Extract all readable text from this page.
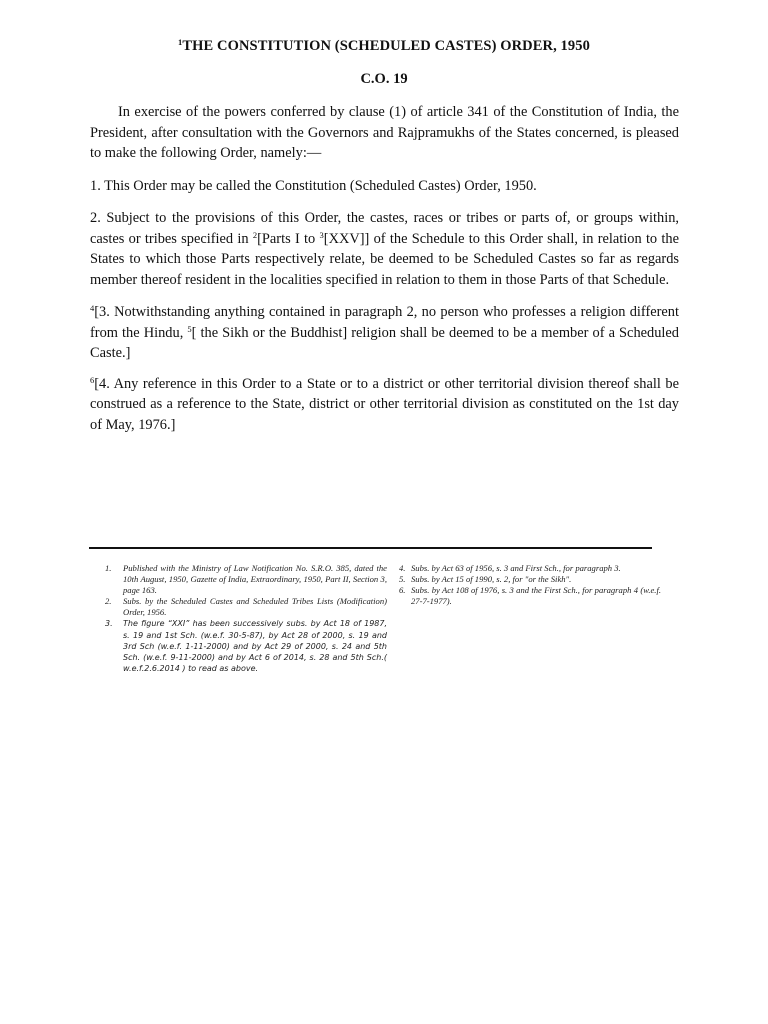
$^1$THE CONSTITUTION (SCHEDULED CASTES) ORDER, 1950
C.O. 19

In exercise of the powers conferred by clause (1) of article 341 of the Constitution of India, the President, after consultation with the Governors and Rajpramukhs of the States concerned, is pleased to make the following Order, namely:—

1. This Order may be called the Constitution (Scheduled Castes) Order, 1950.

2. Subject to the provisions of this Order, the castes, races or tribes or parts of, or groups within, castes or tribes specified in $^2$[Parts I to $^3$[XXV]] of the Schedule to this Order shall, in relation to the States to which those Parts respectively relate, be deemed to be Scheduled Castes so far as regards member thereof resident in the localities specified in relation to them in those Parts of that Schedule.

$^4$[3. Notwithstanding anything contained in paragraph 2, no person who professes a religion different from the Hindu, $^5$[ the Sikh or the Buddhist] religion shall be deemed to be a member of a Scheduled Caste.]

$^6$[4. Any reference in this Order to a State or to a district or other territorial division thereof shall be construed as a reference to the State, district or other territorial division as constituted on the 1st day of May, 1976.]

1.	Published with the Ministry of Law Notification No. S.R.O. 385, dated the 10th August, 1950, Gazette of India, Extraordinary, 1950, Part II, Section 3, page 163.
2.	Subs. by the Scheduled Castes and Scheduled Tribes Lists (Modification) Order, 1956.
3.	The figure “XXI” has been successively subs. by Act 18 of 1987, s. 19 and 1st Sch. (w.e.f. 30-5-87), by Act 28 of 2000, s. 19 and 3rd Sch (w.e.f. 1-11-2000) and by Act 29 of 2000, s. 24 and 5th Sch. (w.e.f. 9-11-2000) and by Act 6 of 2014, s. 28 and 5th Sch.( w.e.f.2.6.2014 ) to read as above.
4. Subs. by Act 63 of 1956, s. 3 and First Sch., for paragraph 3.
5. Subs. by Act 15 of 1990, s. 2, for "or the Sikh".
6. Subs. by Act 108 of 1976, s. 3 and the First Sch., for paragraph 4 (w.e.f. 27-7-1977).
